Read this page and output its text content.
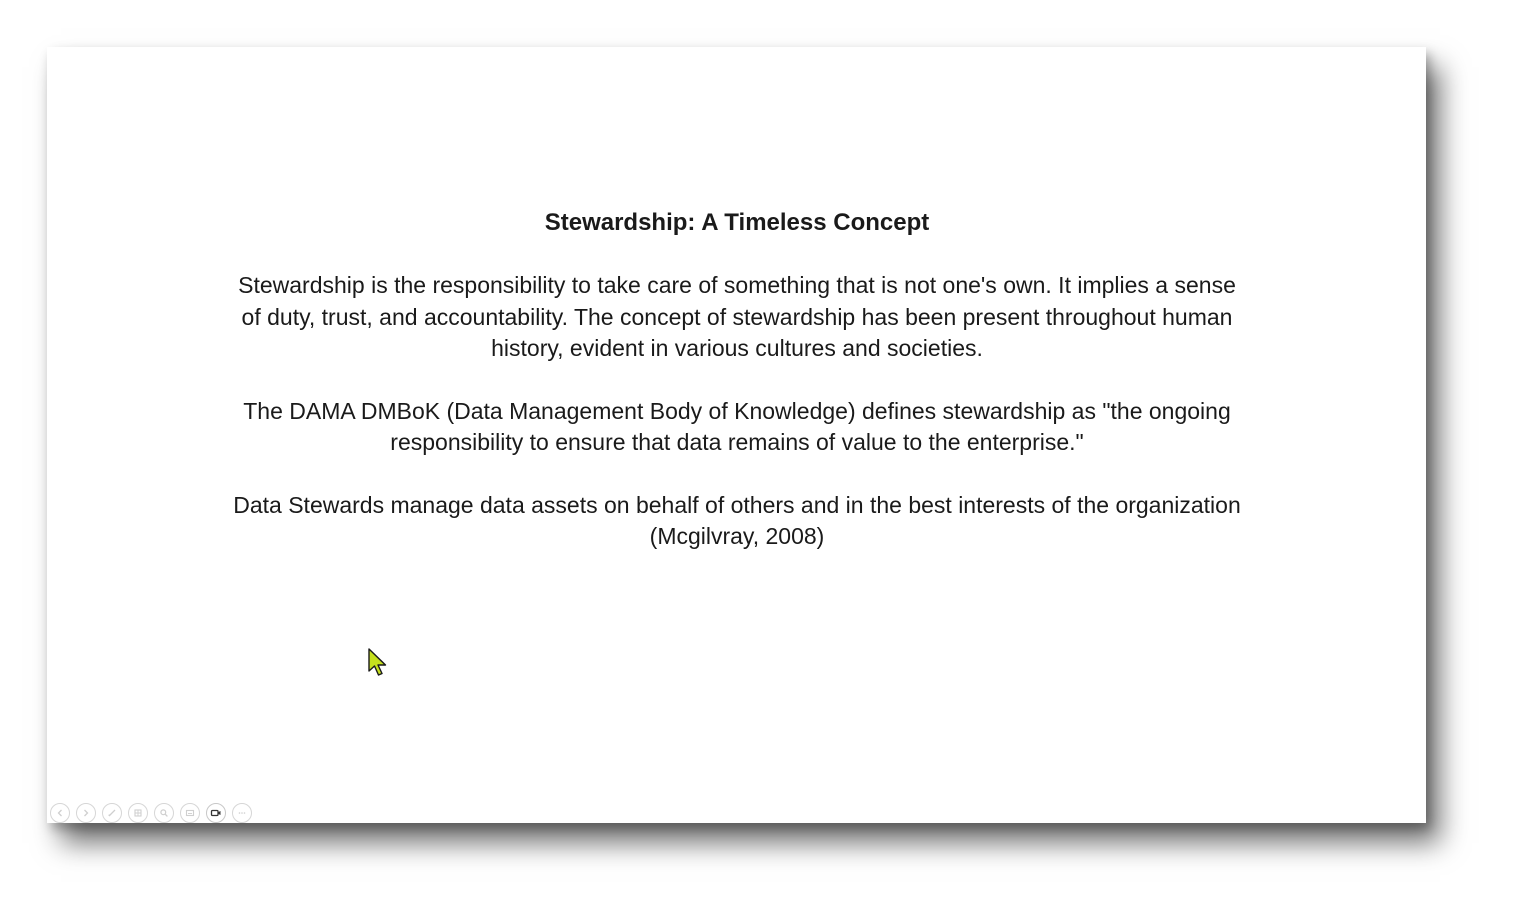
Stewardship: A Timeless Concept

Stewardship is the responsibility to take care of something that is not one's own. It implies a sense of duty, trust, and accountability. The concept of stewardship has been present throughout human history, evident in various cultures and societies.

The DAMA DMBoK (Data Management Body of Knowledge) defines stewardship as "the ongoing responsibility to ensure that data remains of value to the enterprise."

Data Stewards manage data assets on behalf of others and in the best interests of the organization (Mcgilvray, 2008)
